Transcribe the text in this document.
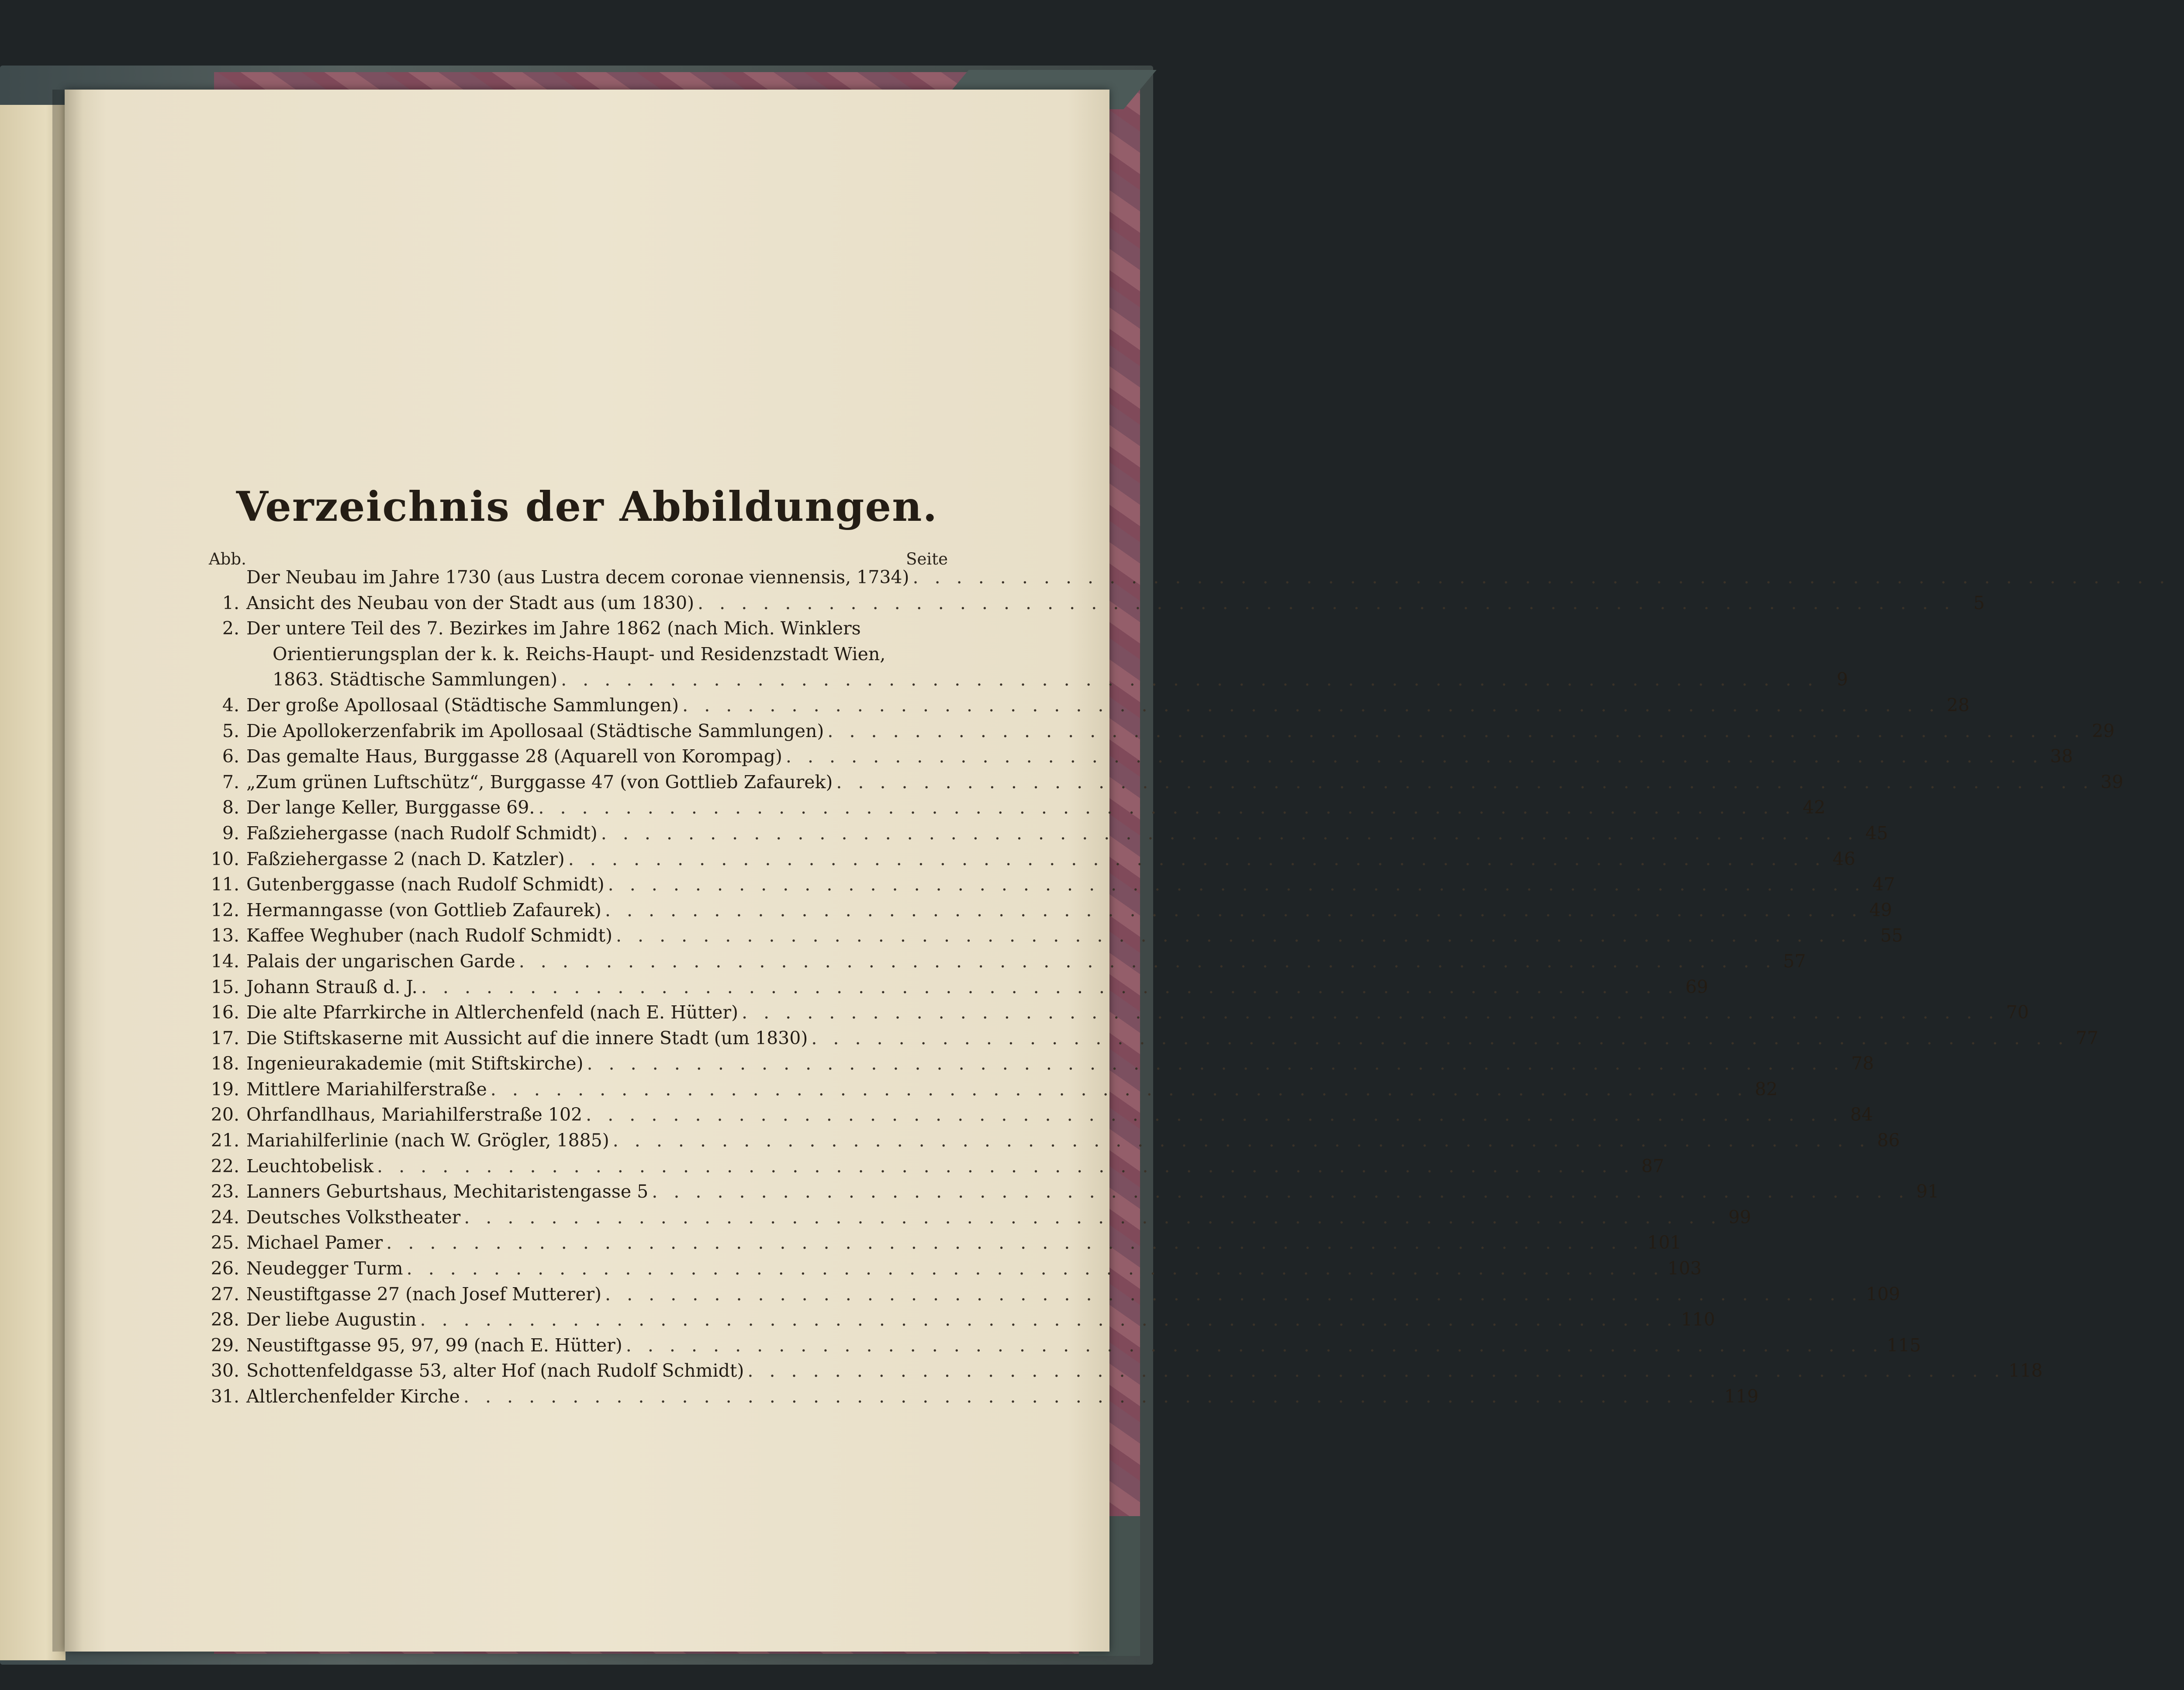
Verzeichnis der Abbildungen.
Abb.	Seite
Der Neubau im Jahre 1730 (aus Lustra decem coronae viennensis, 1734) . . . . . . . . . . . . . . . . . . . . . . . . . . . . . . . . . . . . . . . . . . . . . . . . . . . . . . . . . .
1. Ansicht des Neubau von der Stadt aus (um 1830) . . . . . . . . . . . . . . . . . . . . . . . . . . . . . . . . . . . . . . . . . . . . . . . . . . . . . . . . . .	5
2. Der untere Teil des 7. Bezirkes im Jahre 1862 (nach Mich. Winklers
Orientierungsplan der k. k. Reichs-Haupt- und Residenzstadt Wien,
1863. Städtische Sammlungen) . . . . . . . . . . . . . . . . . . . . . . . . . . . . . . . . . . . . . . . . . . . . . . . . . . . . . . . . . .	9
4. Der große Apollosaal (Städtische Sammlungen) . . . . . . . . . . . . . . . . . . . . . . . . . . . . . . . . . . . . . . . . . . . . . . . . . . . . . . . . . . 28
5. Die Apollokerzenfabrik im Apollosaal (Städtische Sammlungen) . . . . . . . . . . . . . . . . . . . . . . . . . . . . . . . . . . . . . . . . . . . . . . . . . . . . . . . . . . 29
6. Das gemalte Haus, Burggasse 28 (Aquarell von Korompag) . . . . . . . . . . . . . . . . . . . . . . . . . . . . . . . . . . . . . . . . . . . . . . . . . . . . . . . . . . 38
7. „Zum grünen Luftschütz“, Burggasse 47 (von Gottlieb Zafaurek) . . . . . . . . . . . . . . . . . . . . . . . . . . . . . . . . . . . . . . . . . . . . . . . . . . . . . . . . . . 39
8. Der lange Keller, Burggasse 69. . . . . . . . . . . . . . . . . . . . . . . . . . . . . . . . . . . . . . . . . . . . . . . . . . . . . . . . . . . 42
9. Faßziehergasse (nach Rudolf Schmidt) . . . . . . . . . . . . . . . . . . . . . . . . . . . . . . . . . . . . . . . . . . . . . . . . . . . . . . . . . . 45
10. Faßziehergasse 2 (nach D. Katzler) . . . . . . . . . . . . . . . . . . . . . . . . . . . . . . . . . . . . . . . . . . . . . . . . . . . . . . . . . . 46
11. Gutenberggasse (nach Rudolf Schmidt) . . . . . . . . . . . . . . . . . . . . . . . . . . . . . . . . . . . . . . . . . . . . . . . . . . . . . . . . . . 47
12. Hermanngasse (von Gottlieb Zafaurek) . . . . . . . . . . . . . . . . . . . . . . . . . . . . . . . . . . . . . . . . . . . . . . . . . . . . . . . . . . 49
13. Kaffee Weghuber (nach Rudolf Schmidt) . . . . . . . . . . . . . . . . . . . . . . . . . . . . . . . . . . . . . . . . . . . . . . . . . . . . . . . . . . 55
14. Palais der ungarischen Garde . . . . . . . . . . . . . . . . . . . . . . . . . . . . . . . . . . . . . . . . . . . . . . . . . . . . . . . . . . 57
15. Johann Strauß d. J. . . . . . . . . . . . . . . . . . . . . . . . . . . . . . . . . . . . . . . . . . . . . . . . . . . . . . . . . . . 69
16. Die alte Pfarrkirche in Altlerchenfeld (nach E. Hütter) . . . . . . . . . . . . . . . . . . . . . . . . . . . . . . . . . . . . . . . . . . . . . . . . . . . . . . . . . . 70
17. Die Stiftskaserne mit Aussicht auf die innere Stadt (um 1830) . . . . . . . . . . . . . . . . . . . . . . . . . . . . . . . . . . . . . . . . . . . . . . . . . . . . . . . . . . 77
18. Ingenieurakademie (mit Stiftskirche) . . . . . . . . . . . . . . . . . . . . . . . . . . . . . . . . . . . . . . . . . . . . . . . . . . . . . . . . . . 78
19. Mittlere Mariahilferstraße . . . . . . . . . . . . . . . . . . . . . . . . . . . . . . . . . . . . . . . . . . . . . . . . . . . . . . . . . . 82
20. Ohrfandlhaus, Mariahilferstraße 102 . . . . . . . . . . . . . . . . . . . . . . . . . . . . . . . . . . . . . . . . . . . . . . . . . . . . . . . . . . 84
21. Mariahilferlinie (nach W. Grögler, 1885) . . . . . . . . . . . . . . . . . . . . . . . . . . . . . . . . . . . . . . . . . . . . . . . . . . . . . . . . . . 86
22. Leuchtobelisk . . . . . . . . . . . . . . . . . . . . . . . . . . . . . . . . . . . . . . . . . . . . . . . . . . . . . . . . . . 87
23. Lanners Geburtshaus, Mechitaristengasse 5 . . . . . . . . . . . . . . . . . . . . . . . . . . . . . . . . . . . . . . . . . . . . . . . . . . . . . . . . . . 91
24. Deutsches Volkstheater . . . . . . . . . . . . . . . . . . . . . . . . . . . . . . . . . . . . . . . . . . . . . . . . . . . . . . . . . . 99
25. Michael Pamer . . . . . . . . . . . . . . . . . . . . . . . . . . . . . . . . . . . . . . . . . . . . . . . . . . . . . . . . . . 101
26. Neudegger Turm . . . . . . . . . . . . . . . . . . . . . . . . . . . . . . . . . . . . . . . . . . . . . . . . . . . . . . . . . . 103
27. Neustiftgasse 27 (nach Josef Mutterer) . . . . . . . . . . . . . . . . . . . . . . . . . . . . . . . . . . . . . . . . . . . . . . . . . . . . . . . . . . 109
28. Der liebe Augustin . . . . . . . . . . . . . . . . . . . . . . . . . . . . . . . . . . . . . . . . . . . . . . . . . . . . . . . . . . 110
29. Neustiftgasse 95, 97, 99 (nach E. Hütter) . . . . . . . . . . . . . . . . . . . . . . . . . . . . . . . . . . . . . . . . . . . . . . . . . . . . . . . . . . 115
30. Schottenfeldgasse 53, alter Hof (nach Rudolf Schmidt) . . . . . . . . . . . . . . . . . . . . . . . . . . . . . . . . . . . . . . . . . . . . . . . . . . . . . . . . . . 118
31. Altlerchenfelder Kirche . . . . . . . . . . . . . . . . . . . . . . . . . . . . . . . . . . . . . . . . . . . . . . . . . . . . . . . . . . 119
